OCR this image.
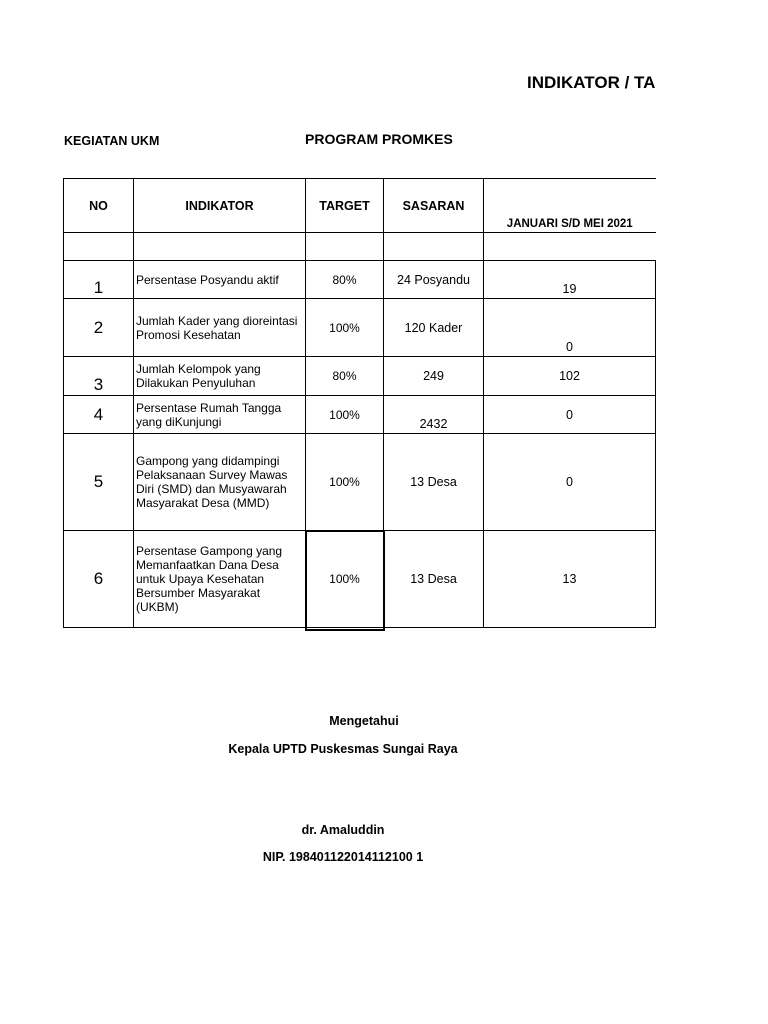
INDIKATOR / TA
KEGIATAN UKM	PROGRAM PROMKES
NO	INDIKATOR	TARGET	SASARAN	JANUARI S/D MEI 2021

1	Persentase Posyandu aktif	80%	24 Posyandu	19
2	Jumlah Kader yang dioreintasi Promosi Kesehatan	100%	120 Kader	0
3	Jumlah Kelompok yang Dilakukan Penyuluhan	80%	249	102
4	Persentase Rumah Tangga yang diKunjungi	100%	2432	0
5	Gampong yang didampingi Pelaksanaan Survey Mawas Diri (SMD) dan Musyawarah Masyarakat Desa (MMD)	100%	13 Desa	0
6	Persentase Gampong yang Memanfaatkan Dana Desa untuk Upaya Kesehatan Bersumber Masyarakat (UKBM)	100%	13 Desa	13
Mengetahui
Kepala UPTD Puskesmas Sungai Raya
dr. Amaluddin
NIP. 198401122014112100 1
